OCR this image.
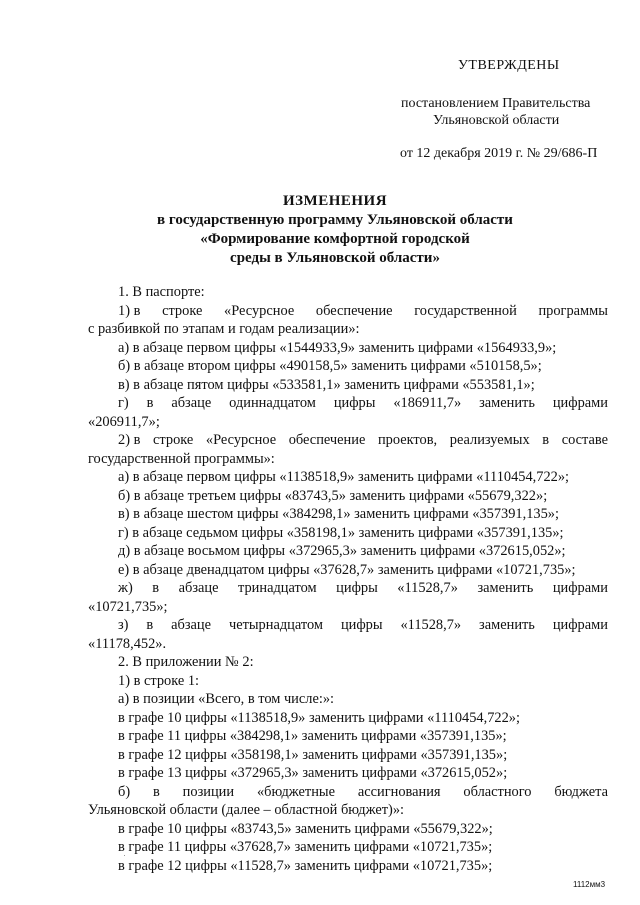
УТВЕРЖДЕНЫ
постановлением Правительства
Ульяновской области
от 12 декабря 2019 г. № 29/686-П
ИЗМЕНЕНИЯ
в государственную программу Ульяновской области
«Формирование комфортной городской
среды в Ульяновской области»
1. В паспорте:
1) в строке «Ресурсное обеспечение государственной программы
с разбивкой по этапам и годам реализации»:
а) в абзаце первом цифры «1544933,9» заменить цифрами «1564933,9»;
б) в абзаце втором цифры «490158,5» заменить цифрами «510158,5»;
в) в абзаце пятом цифры «533581,1» заменить цифрами «553581,1»;
г) в абзаце одиннадцатом цифры «186911,7» заменить цифрами
«206911,7»;
2) в строке «Ресурсное обеспечение проектов, реализуемых в составе
государственной программы»:
а) в абзаце первом цифры «1138518,9» заменить цифрами «1110454,722»;
б) в абзаце третьем цифры «83743,5» заменить цифрами «55679,322»;
в) в абзаце шестом цифры «384298,1» заменить цифрами «357391,135»;
г) в абзаце седьмом цифры «358198,1» заменить цифрами «357391,135»;
д) в абзаце восьмом цифры «372965,3» заменить цифрами «372615,052»;
е) в абзаце двенадцатом цифры «37628,7» заменить цифрами «10721,735»;
ж) в абзаце тринадцатом цифры «11528,7» заменить цифрами
«10721,735»;
з) в абзаце четырнадцатом цифры «11528,7» заменить цифрами
«11178,452».
2. В приложении № 2:
1) в строке 1:
а) в позиции «Всего, в том числе:»:
в графе 10 цифры «1138518,9» заменить цифрами «1110454,722»;
в графе 11 цифры «384298,1» заменить цифрами «357391,135»;
в графе 12 цифры «358198,1» заменить цифрами «357391,135»;
в графе 13 цифры «372965,3» заменить цифрами «372615,052»;
б) в позиции «бюджетные ассигнования областного бюджета
Ульяновской области (далее – областной бюджет)»:
в графе 10 цифры «83743,5» заменить цифрами «55679,322»;
в графе 11 цифры «37628,7» заменить цифрами «10721,735»;
в графе 12 цифры «11528,7» заменить цифрами «10721,735»;
1112мм3
